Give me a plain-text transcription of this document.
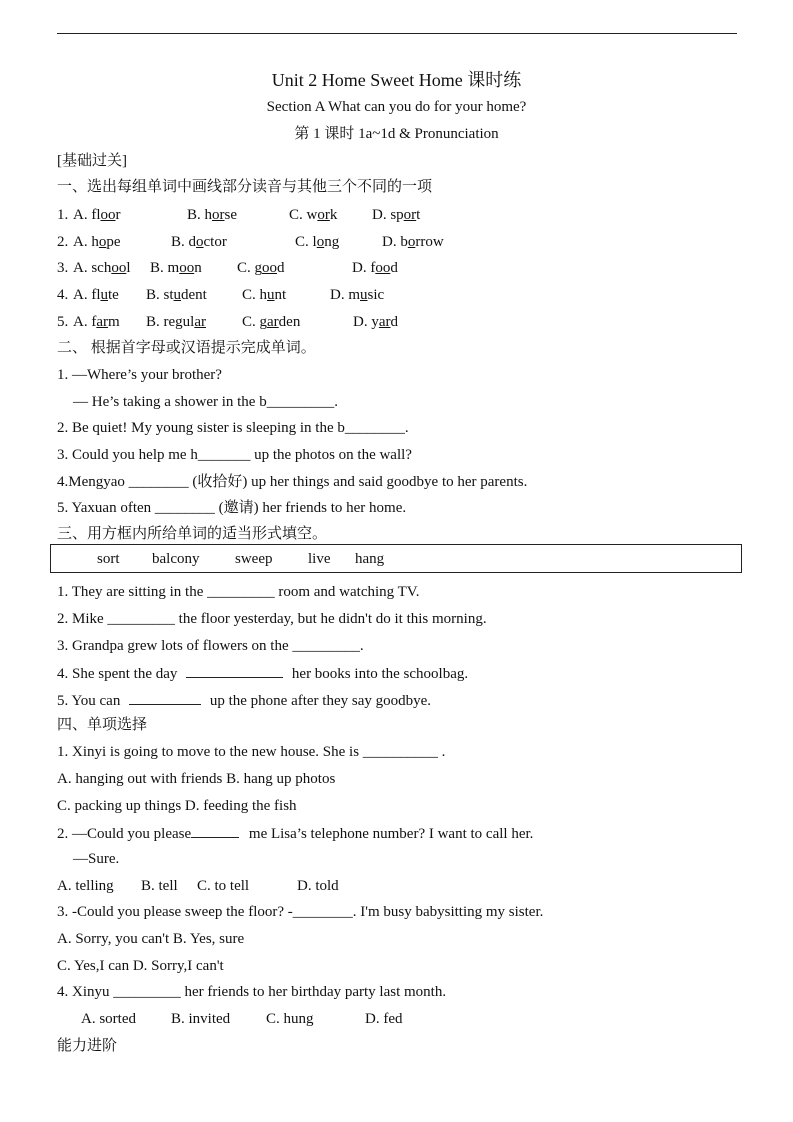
Unit 2 Home Sweet Home 课时练
Section A What can you do for your home?
第 1 课时 1a~1d & Pronunciation
[基础过关]
一、选出每组单词中画线部分读音与其他三个不同的一项
1. A. floor	B. horse	C. work D. sport
2. A. hope	B. doctor	C. long	D. borrow
3. A. school B. moon C. good	D. food
4. A. flute B. student C. hunt	D. music
5. A. farm B. regular C. garden	D. yard
二、 根据首字母或汉语提示完成单词。
1. —Where’s your brother?
— He’s taking a shower in the b_________.
2. Be quiet! My young sister is sleeping in the b________.
3. Could you help me h_______ up the photos on the wall?
4.Mengyao ________ (收拾好) up her things and said goodbye to her parents.
5. Yaxuan often ________ (邀请) her friends to her home.
三、用方框内所给单词的适当形式填空。
sort balcony sweep live hang
1. They are sitting in the _________ room and watching TV.
2. Mike _________ the floor yesterday, but he didn't do it this morning.
3. Grandpa grew lots of flowers on the _________.
4. She spent the day	her books into the schoolbag.
5. You can	up the phone after they say goodbye.
四、单项选择
1. Xinyi is going to move to the new house. She is __________ .
A. hanging out with friends B. hang up photos
C. packing up things D. feeding the fish
2. —Could you please	me Lisa’s telephone number? I want to call her.
—Sure.
A. telling B. tell C. to tell	D. told
3. -Could you please sweep the floor? -________. I'm busy babysitting my sister.
A. Sorry, you can't B. Yes, sure
C. Yes,I can D. Sorry,I can't
4. Xinyu _________ her friends to her birthday party last month.
A. sorted B. invited C. hung	D. fed
能力进阶
